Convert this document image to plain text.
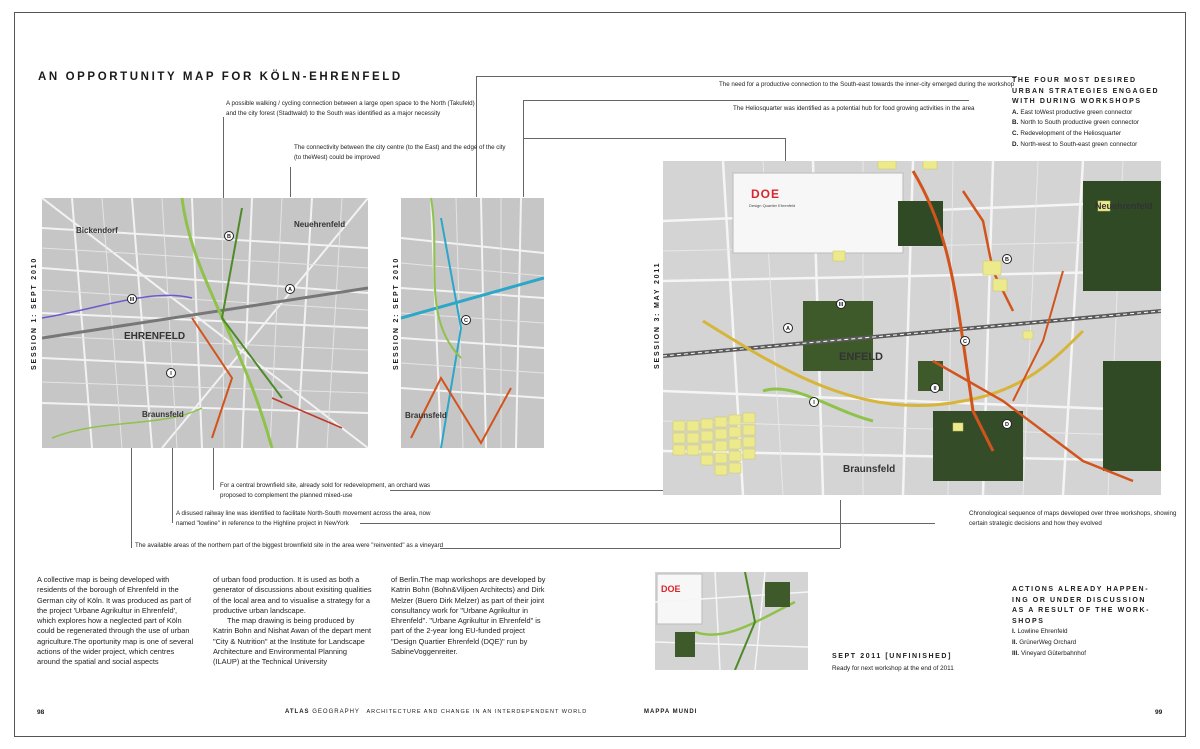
AN OPPORTUNITY MAP FOR KÖLN-EHRENFELD
A possible walking / cycling connection between a large open space to the North (Takufeld)
and the city forest (Stadtwald) to the South was identified as a major necessity
The connectivity between the city centre (to the East) and the edge of the city
(to theWest) could be improved
The need for a productive connection to the South-east towards the inner-city emerged during the workshop
The Heliosquarter was identified as a potential hub for food growing activities in the area
For a central brownfield site, already sold for redevelopment, an orchard was
proposed to complement the planned mixed-use
A disused railway line was identified to facilitate North-South movement across the area, now
named "lowline" in reference to the Highline project in NewYork
The available areas of the northern part of the biggest brownfield site in the area were "reinvented" as a vineyard
Chronological sequence of maps developed over three workshops, showing
certain strategic decisions and how they evolved
SESSION 1: SEPT 2010	SESSION 2: SEPT 2010	SESSION 3: MAY 2011
Bickendorf
Neuehrenfeld
EHRENFELD
Braunsfeld
B
A
III
I
Braunsfeld
C
DOE
Design Quartier Ehrenfeld	Neuehrenfeld
ENFELD
Braunsfeld
A
B
C
D
I
II
III
THE FOUR MOST DESIRED
URBAN STRATEGIES ENGAGED
WITH DURING WORKSHOPS
A. East toWest productive green connector
B. North to South productive green connector
C. Redevelopment of the Heliosquarter
D. North-west to South-east green connector

A collective map is being developed with residents of the borough of Ehrenfeld in the German city of Köln. It was produced as part of the project 'Urbane Agrikultur in Ehrenfeld', which explores how a neglected part of Köln could be regenerated through the use of urban agriculture.The oportunity map is one of several actions of the wider project, which centres around the spatial and social aspects

of urban food production. It is used as both a generator of discussions about exisiting qualities of the local area and to visualise a strategy for a productive urban landscape.

The map drawing is being produced by Katrin Bohn and Nishat Awan of the depart ment "City & Nutrition" at the Institute for Landscape Architecture and Environmental Planning (ILAUP) at the Technical University

of Berlin.The map workshops are developed by Katrin Bohn (Bohn&Viljoen Architects) and Dirk Melzer (Buero Dirk Melzer) as part of their joint consultancy work for "Urbane Agrikultur in Ehrenfeld". "Urbane Agrikultur in Ehrenfeld" is part of the 2-year long EU-funded project "Design Quartier Ehrenfeld (DQE)" run by SabineVoggenreiter.

DOE
SEPT 2011 [UNFINISHED]
Ready for next workshop at the end of 2011
ACTIONS ALREADY HAPPEN-
ING OR UNDER DISCUSSION
AS A RESULT OF THE WORK-
SHOPS
I. Lowline Ehrenfeld
II. GrünerWeg Orchard
III. Vineyard Güterbahnhof
98	ATLAS GEOGRAPHY ARCHITECTURE AND CHANGE IN AN INTERDEPENDENT WORLD	MAPPA MUNDI	99
